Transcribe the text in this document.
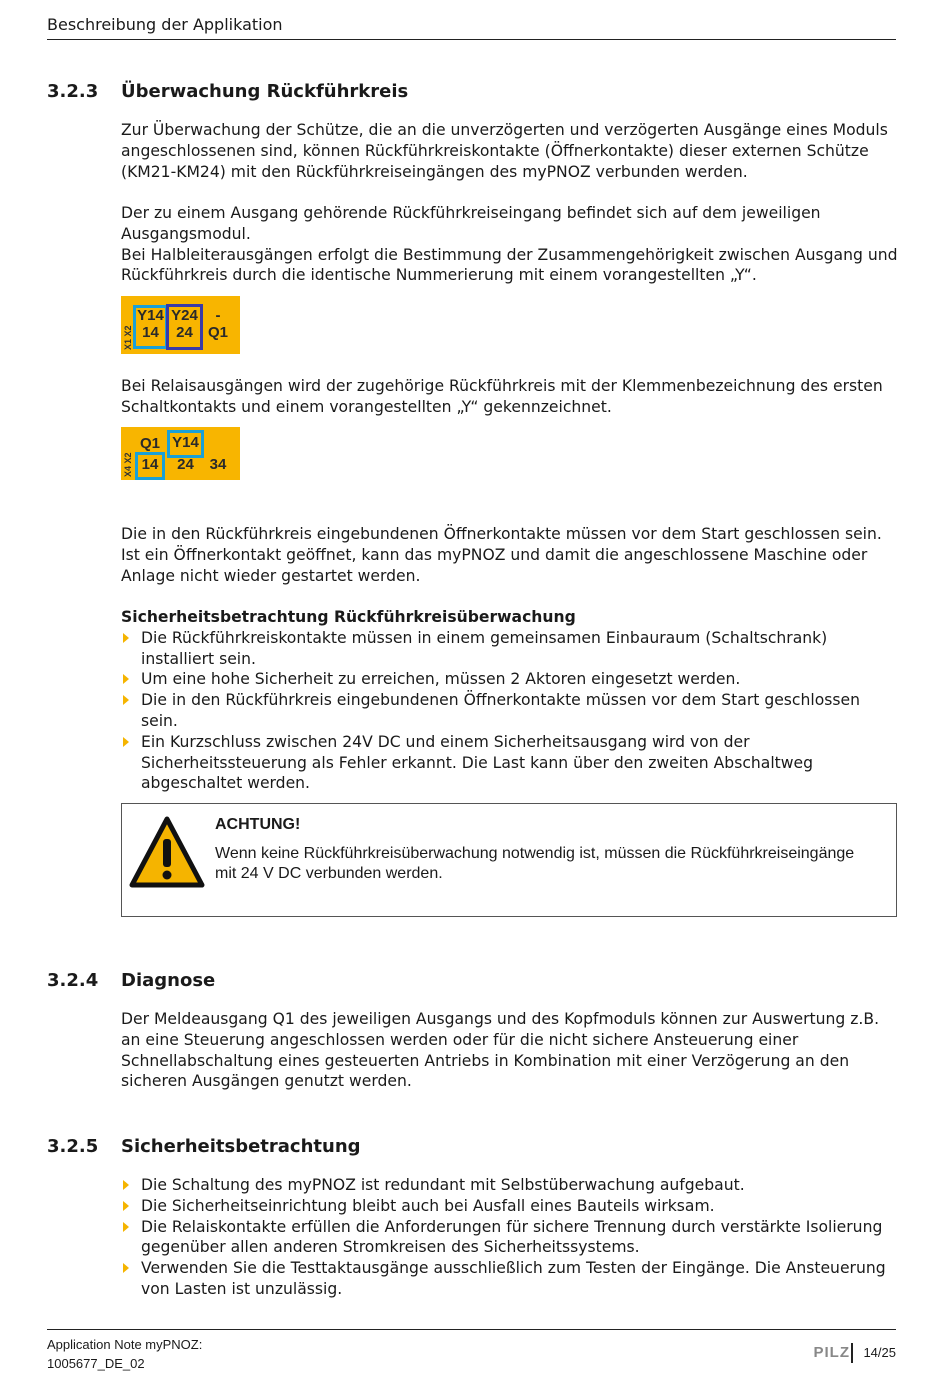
Beschreibung der Applikation
3.2.3 Überwachung Rückführkreis

Zur Überwachung der Schütze, die an die unverzögerten und verzögerten Ausgänge eines Moduls angeschlossenen sind, können Rückführkreiskontakte (Öffnerkontakte) dieser externen Schütze (KM21-KM24) mit den Rückführkreiseingängen des myPNOZ verbunden werden.

Der zu einem Ausgang gehörende Rückführkreiseingang befindet sich auf dem jeweiligen Ausgangsmodul.

Bei Halbleiterausgängen erfolgt die Bestimmung der Zusammengehörigkeit zwischen Ausgang und Rückführkreis durch die identische Nummerierung mit einem vorangestellten „Y“.

X1 X2
Y14
14
Y24
24
-
Q1

Bei Relaisausgängen wird der zugehörige Rückführkreis mit der Klemmenbezeichnung des ersten Schaltkontakts und einem vorangestellten „Y“ gekennzeichnet.

X4 X2
Q1
14
Y14
24	34

Die in den Rückführkreis eingebundenen Öffnerkontakte müssen vor dem Start geschlossen sein. Ist ein Öffnerkontakt geöffnet, kann das myPNOZ und damit die angeschlossene Maschine oder Anlage nicht wieder gestartet werden.

Sicherheitsbetrachtung Rückführkreisüberwachung

Die Rückführkreiskontakte müssen in einem gemeinsamen Einbauraum (Schaltschrank) installiert sein.
Um eine hohe Sicherheit zu erreichen, müssen 2 Aktoren eingesetzt werden.
Die in den Rückführkreis eingebundenen Öffnerkontakte müssen vor dem Start geschlossen sein.
Ein Kurzschluss zwischen 24V DC und einem Sicherheitsausgang wird von der Sicherheitssteuerung als Fehler erkannt. Die Last kann über den zweiten Abschaltweg abgeschaltet werden.
ACHTUNG!
Wenn keine Rückführkreisüberwachung notwendig ist, müssen die Rückführkreiseingänge mit 24 V DC verbunden werden.
3.2.4 Diagnose

Der Meldeausgang Q1 des jeweiligen Ausgangs und des Kopfmoduls können zur Auswertung z.B. an eine Steuerung angeschlossen werden oder für die nicht sichere Ansteuerung einer Schnellabschaltung eines gesteuerten Antriebs in Kombination mit einer Verzögerung an den sicheren Ausgängen genutzt werden.

3.2.5 Sicherheitsbetrachtung
Die Schaltung des myPNOZ ist redundant mit Selbstüberwachung aufgebaut.
Die Sicherheitseinrichtung bleibt auch bei Ausfall eines Bauteils wirksam.
Die Relaiskontakte erfüllen die Anforderungen für sichere Trennung durch verstärkte Isolierung gegenüber allen anderen Stromkreisen des Sicherheitssystems.
Verwenden Sie die Testtaktausgänge ausschließlich zum Testen der Eingänge. Die Ansteuerung von Lasten ist unzulässig.
Application Note myPNOZ:
1005677_DE_02
PILZ 14/25
